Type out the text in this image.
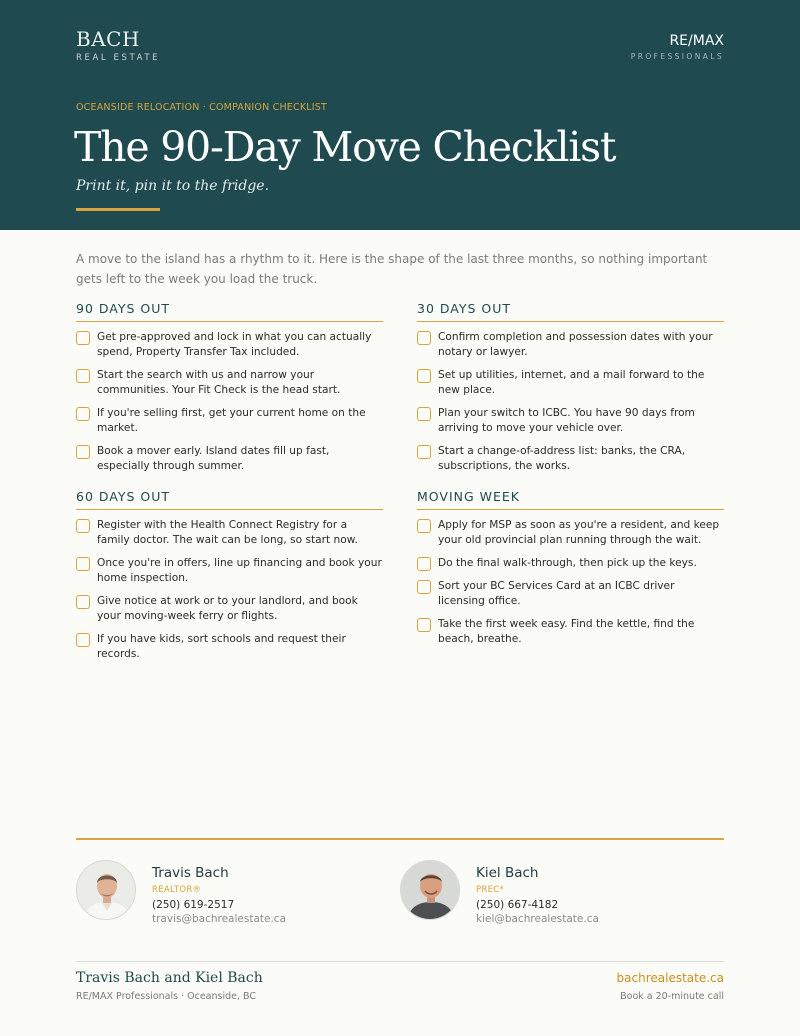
BACH
REAL ESTATE
RE/MAX
PROFESSIONALS
OCEANSIDE RELOCATION · COMPANION CHECKLIST
The 90-Day Move Checklist
Print it, pin it to the fridge.

A move to the island has a rhythm to it. Here is the shape of the last three months, so nothing important gets left to the week you load the truck.

90 DAYS OUT
Get pre-approved and lock in what you can actually spend, Property Transfer Tax included.
Start the search with us and narrow your communities. Your Fit Check is the head start.
If you're selling first, get your current home on the market.
Book a mover early. Island dates fill up fast, especially through summer.
30 DAYS OUT
Confirm completion and possession dates with your notary or lawyer.
Set up utilities, internet, and a mail forward to the new place.
Plan your switch to ICBC. You have 90 days from arriving to move your vehicle over.
Start a change-of-address list: banks, the CRA, subscriptions, the works.
60 DAYS OUT
Register with the Health Connect Registry for a family doctor. The wait can be long, so start now.
Once you're in offers, line up financing and book your home inspection.
Give notice at work or to your landlord, and book your moving-week ferry or flights.
If you have kids, sort schools and request their records.
MOVING WEEK
Apply for MSP as soon as you're a resident, and keep your old provincial plan running through the wait.
Do the final walk-through, then pick up the keys.
Sort your BC Services Card at an ICBC driver licensing office.
Take the first week easy. Find the kettle, find the beach, breathe.
Travis Bach
REALTOR®
(250) 619-2517
travis@bachrealestate.ca
Kiel Bach
PREC*
(250) 667-4182
kiel@bachrealestate.ca
Travis Bach and Kiel Bach
RE/MAX Professionals · Oceanside, BC
bachrealestate.ca
Book a 20-minute call
